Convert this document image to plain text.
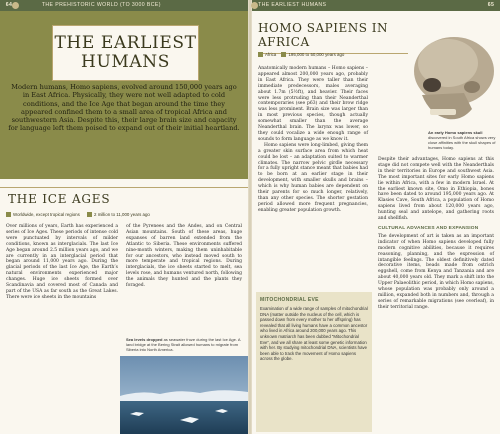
64	THE PREHISTORIC WORLD (TO 3000 BCE)	THE EARLIEST HUMANS	65
THE EARLIEST
HUMANS

Modern humans, Homo sapiens, evolved around 150,000 years ago in East Africa. Physically, they were not well adapted to cold conditions, and the Ice Age that began around the time they appeared confined them to a small area of tropical Africa and southwestern Asia. Despite this, their large brain size and capacity for language left them poised to expand out of their initial heartland.

THE ICE AGES
Worldwide, except tropical regions	2 million to 11,000 years ago

Over millions of years, Earth has experienced a series of Ice Ages. These periods of intense cold were punctuated by intervals of milder conditions, known as interglacials. The last Ice Age began around 2.5 million years ago, and we are currently in an interglacial period that began around 11,000 years ago. During the glacial periods of the last Ice Age, the Earth’s natural environments experienced major changes. Huge ice sheets formed over Scandinavia and covered most of Canada and part of the USA as far south as the Great Lakes. There were ice sheets in the mountains

of the Pyrenees and the Andes, and on Central Asian mountains. South of these areas, huge expanses of barren land extended from the Atlantic to Siberia. These environments suffered nine-month winters, making them uninhabitable for our ancestors, who instead moved south to more temperate and tropical regions. During interglacials, the ice sheets started to melt, sea levels rose, and humans ventured north, following the animals they hunted and the plants they foraged.

Sea levels dropped as seawater froze during the last Ice Age. A land bridge at the Bering Strait allowed humans to migrate from Siberia into North America.
HOMO SAPIENS IN AFRICA
Africa	195,000 to 50,000 years ago
An early Homo sapiens skull discovered in South Africa shows very close affinities with the skull shapes of humans today.

Anatomically modern humans – Homo sapiens – appeared almost 200,000 years ago, probably in East Africa. They were taller than their immediate predecessors, males averaging about 1.7m (5½ft), and heavier. Their faces were less protruding than their Neanderthal contemporaries (see p63) and their brow ridge was less prominent. Brain size was larger than in most previous species, though actually somewhat smaller than the average Neanderthal brain. The larynx was lower, so they could vocalize a wide enough range of sounds to form language as we know it.

Homo sapiens were long-limbed, giving them a greater skin surface area from which heat could be lost – an adaptation suited to warmer climates. The narrow pelvic girdle necessary for a fully upright stance meant that babies had to be born at an earlier stage in their development, with smaller skulls and brains – which is why human babies are dependent on their parents for so much longer, relatively, than any other species. The shorter gestation period allowed more frequent pregnancies, enabling greater population growth.

MITOCHONDRIAL EVE

Examination of a wide range of samples of mitochondrial DNA (matter outside the nucleus of the cell, which is passed down from every mother to her offspring) has revealed that all living humans have a common ancestor who lived in Africa around 200,000 years ago. This unknown matriarch has been dubbed “Mitochondrial Eve”, and we all share at least some genetic information with her. By studying mitochondrial DNA, scientists have been able to track the movement of Homo sapiens across the globe.

Despite their advantages, Homo sapiens at this stage did not compete well with the Neanderthals in their territories in Europe and southwest Asia. The most important sites for early Homo sapiens lie within Africa, with a few in modern Israel. At the earliest known site, Omo in Ethiopia, bones have been dated to around 195,000 years ago. At Klasies Cave, South Africa, a population of Homo sapiens lived from about 120,000 years ago, hunting seal and antelope, and gathering roots and shellfish.

CULTURAL ADVANCES AND EXPANSION

The development of art is taken as an important indicator of when Homo sapiens developed fully modern cognitive abilities, because it requires reasoning, planning, and the expression of intangible feelings. The oldest definitively dated decorative items, beads made from ostrich eggshell, come from Kenya and Tanzania and are about 40,000 years old. They mark a shift into the Upper Palaeolithic period, in which Homo sapiens, whose population was probably only around a million, expanded both in numbers and, through a series of remarkable migrations (see overleaf), in their territorial range.
